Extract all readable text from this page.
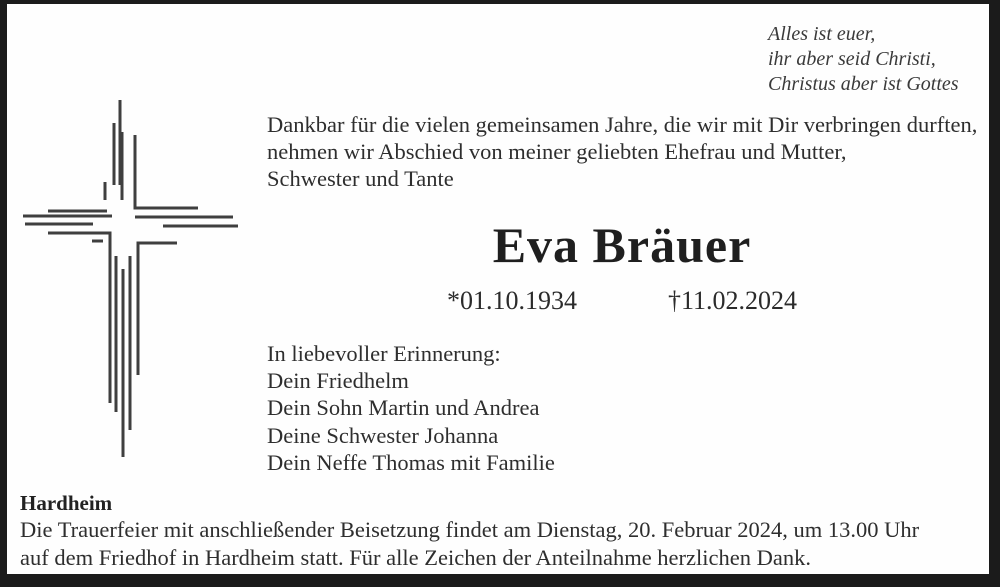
Alles ist euer,
ihr aber seid Christi,
Christus aber ist Gottes
Dankbar für die vielen gemeinsamen Jahre, die wir mit Dir verbringen durften,
nehmen wir Abschied von meiner geliebten Ehefrau und Mutter,
Schwester und Tante
Eva Bräuer
*01.10.1934	†11.02.2024
In liebevoller Erinnerung:
Dein Friedhelm
Dein Sohn Martin und Andrea
Deine Schwester Johanna
Dein Neffe Thomas mit Familie
Hardheim
Die Trauerfeier mit anschließender Beisetzung findet am Dienstag, 20. Februar 2024, um 13.00 Uhr
auf dem Friedhof in Hardheim statt. Für alle Zeichen der Anteilnahme herzlichen Dank.
